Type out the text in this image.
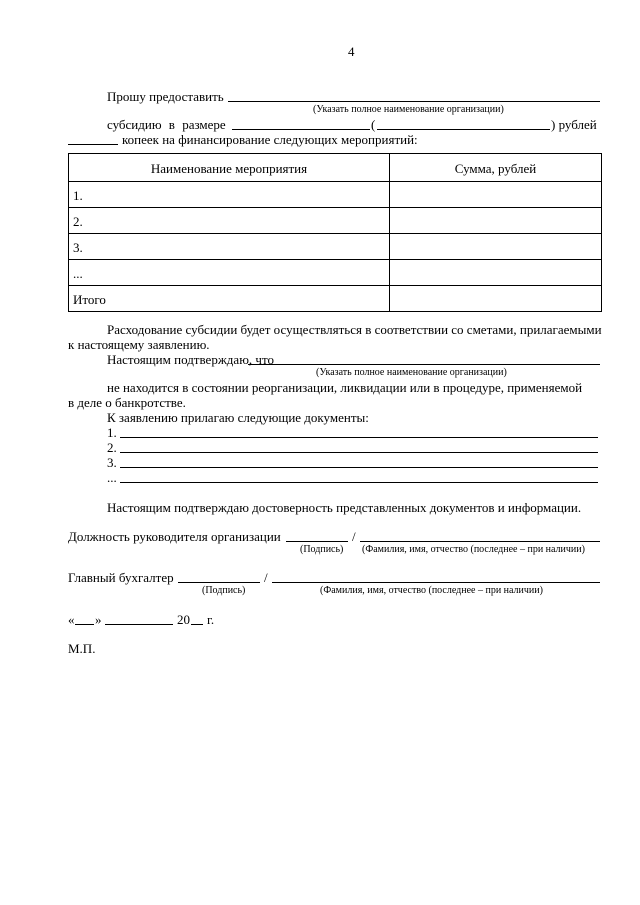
4
Прошу предоставить
(Указать полное наименование организации)
субсидию в размере	(	) рублей
копеек на финансирование следующих мероприятий:
Наименование мероприятия	Сумма, рублей
1.
2.
3.
...
Итого
Расходование субсидии будет осуществляться в соответствии со сметами, прилагаемыми
к настоящему заявлению.
Настоящим подтверждаю, что
(Указать полное наименование организации)
не находится в состоянии реорганизации, ликвидации или в процедуре, применяемой
в деле о банкротстве.
К заявлению прилагаю следующие документы:
1.
2.
3.
...
Настоящим подтверждаю достоверность представленных документов и информации.
Должность руководителя организации	/
(Подпись) (Фамилия, имя, отчество (последнее – при наличии)
Главный бухгалтер	/
(Подпись)	(Фамилия, имя, отчество (последнее – при наличии)
« »	20 г.
М.П.
